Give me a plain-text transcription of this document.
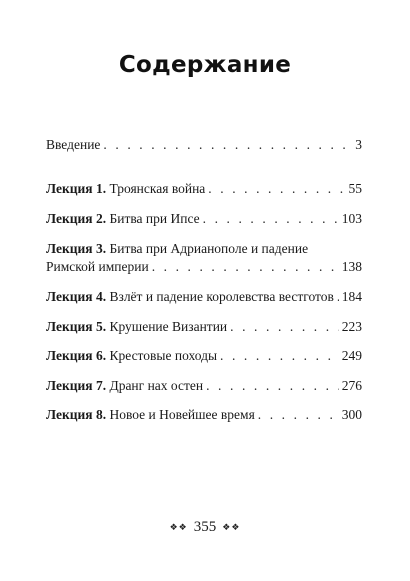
Содержание
Введение . . .	3
Лекция 1. Троянская война . . .	55
Лекция 2. Битва при Ипсе . . .	103
Лекция 3. Битва при Адрианополе и падение
Римской империи . . .	138
Лекция 4. Взлёт и падение королевства вестготов . . . 184
Лекция 5. Крушение Византии . . .	223
Лекция 6. Крестовые походы . . .	249
Лекция 7. Дранг нах остен . . .	276
Лекция 8. Новое и Новейшее время . . .	300
❖❖ 355 ❖❖
